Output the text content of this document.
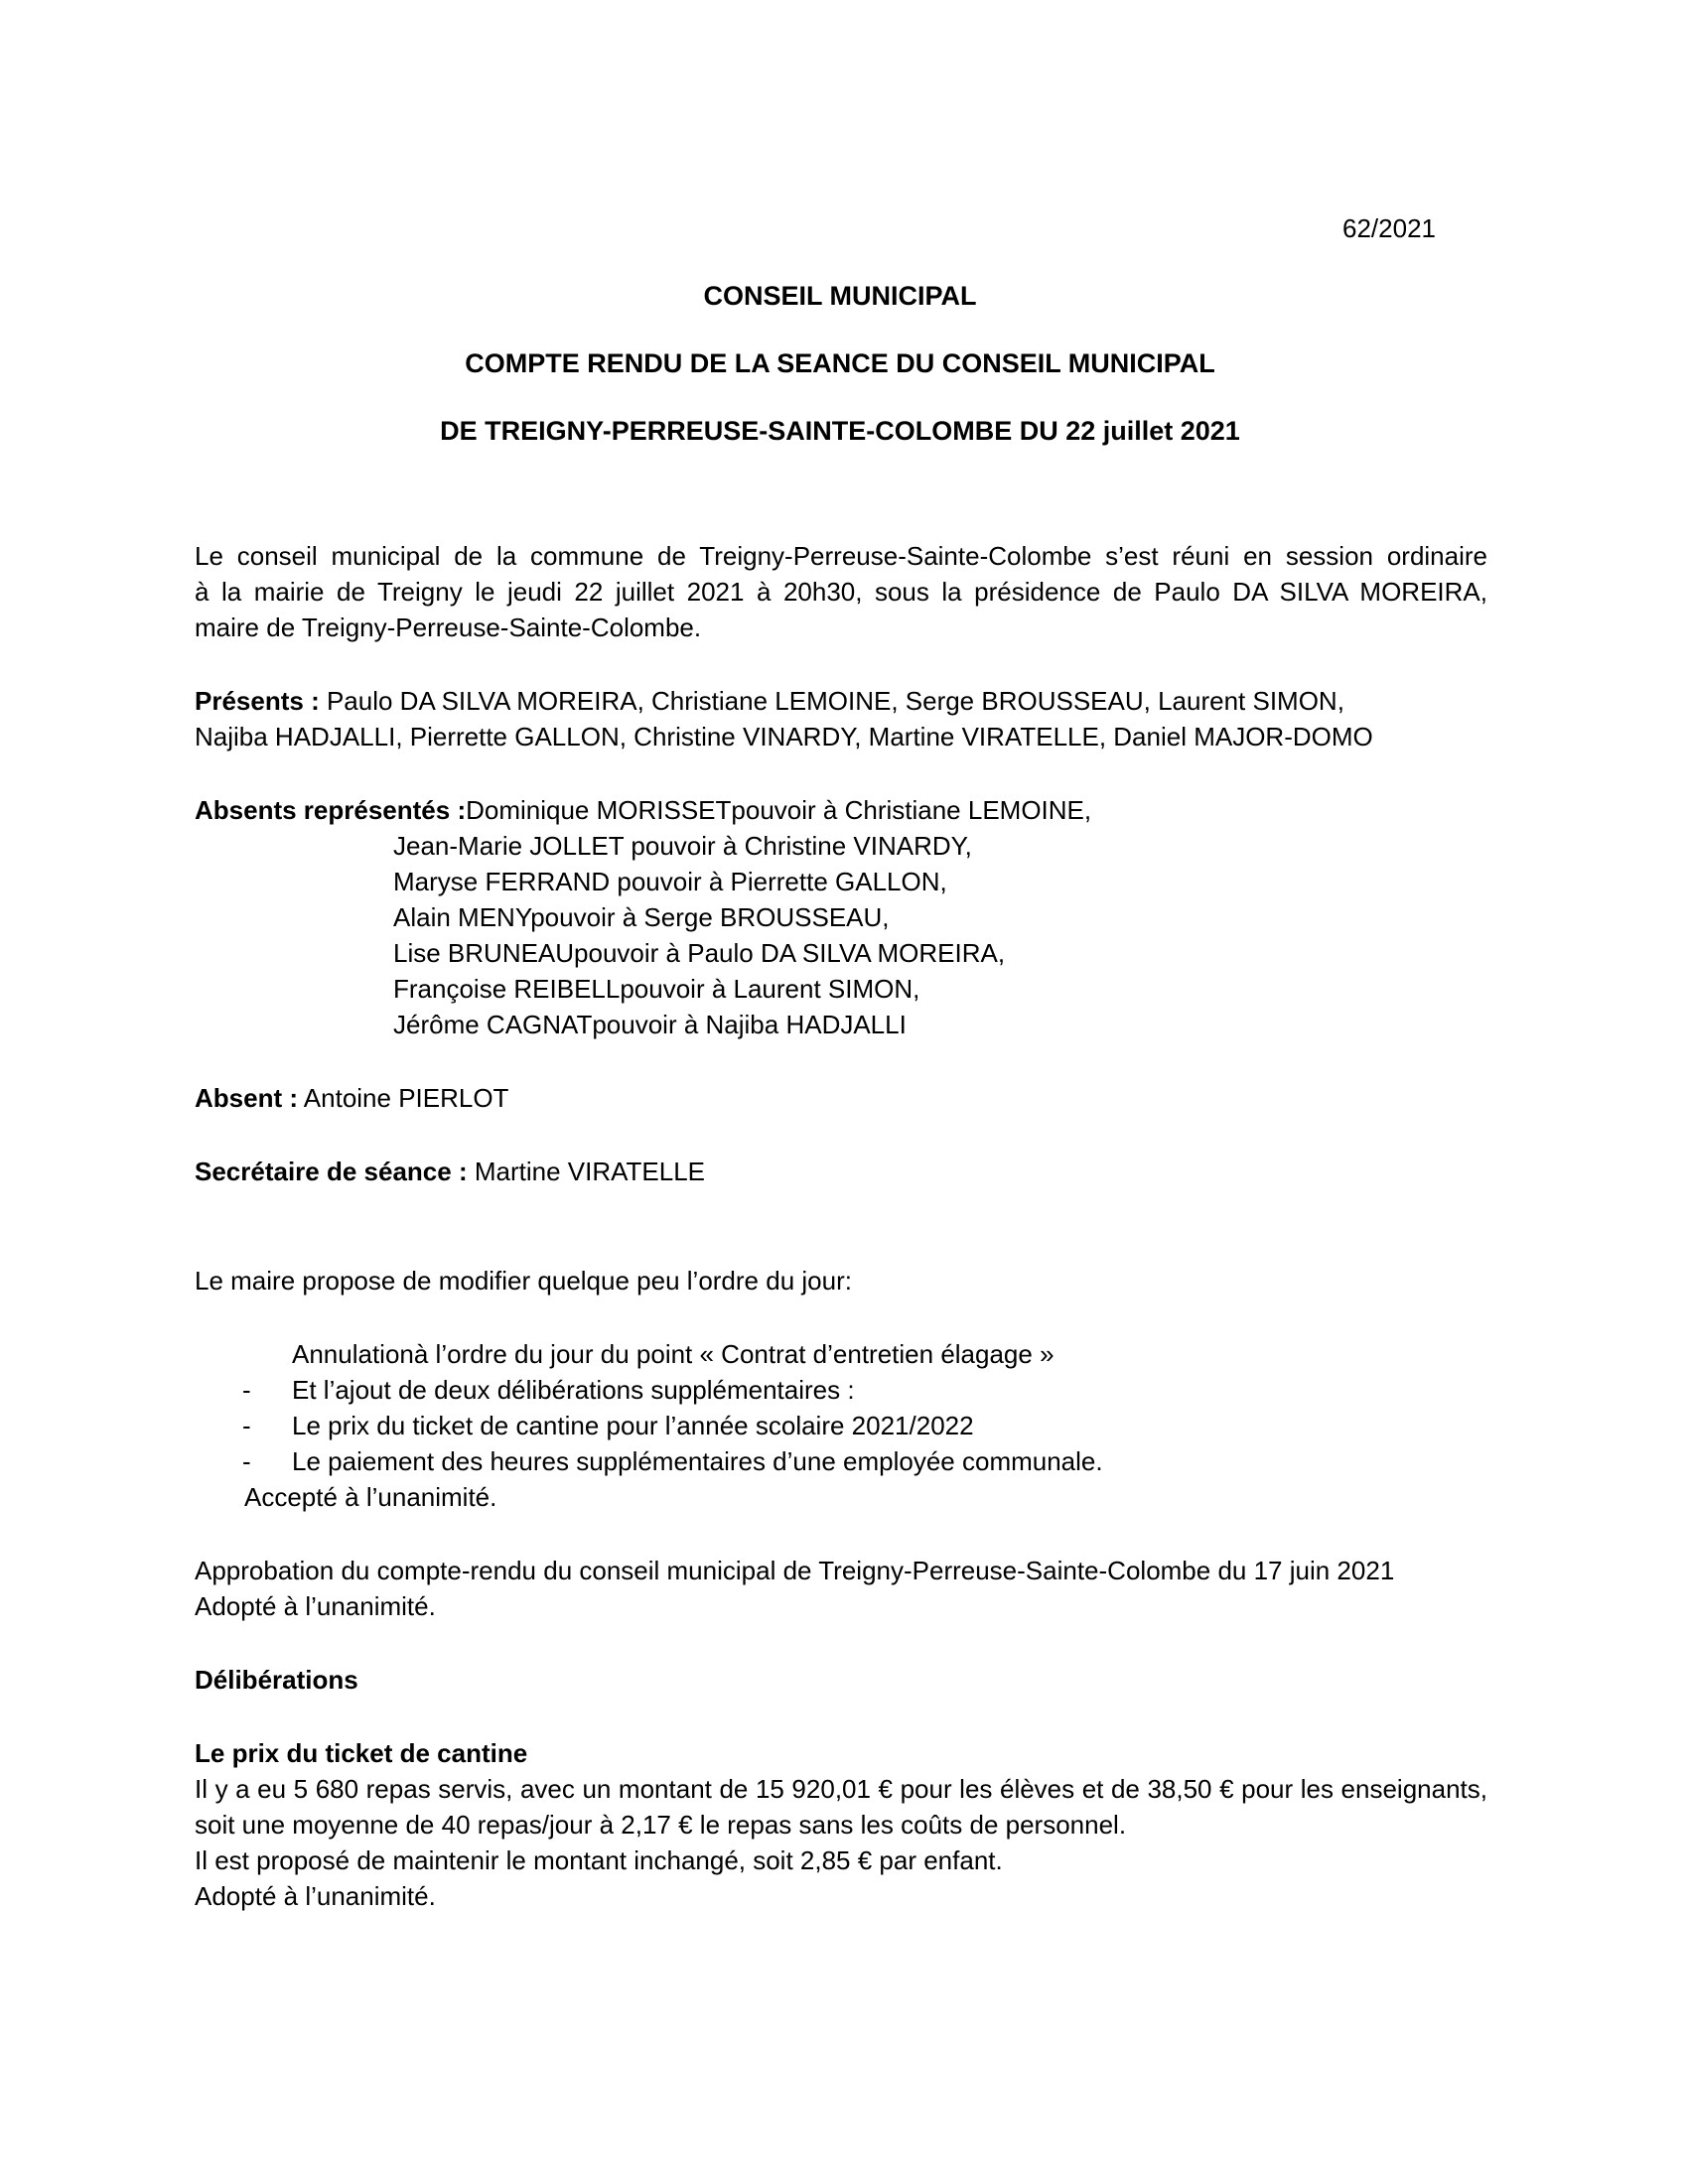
62/2021
CONSEIL MUNICIPAL
COMPTE RENDU DE LA SEANCE DU CONSEIL MUNICIPAL
DE TREIGNY-PERREUSE-SAINTE-COLOMBE DU 22 juillet 2021

Le conseil municipal de la commune de Treigny-Perreuse-Sainte-Colombe s’est réuni en session ordinaire

à la mairie de Treigny le jeudi 22 juillet 2021 à 20h30, sous la présidence de Paulo DA SILVA MOREIRA,

maire de Treigny-Perreuse-Sainte-Colombe.

Présents : Paulo DA SILVA MOREIRA, Christiane LEMOINE, Serge BROUSSEAU, Laurent SIMON,

Najiba HADJALLI, Pierrette GALLON, Christine VINARDY, Martine VIRATELLE, Daniel MAJOR-DOMO

Absents représentés :Dominique MORISSETpouvoir à Christiane LEMOINE,

Jean-Marie JOLLET pouvoir à Christine VINARDY,

Maryse FERRAND pouvoir à Pierrette GALLON,

Alain MENYpouvoir à Serge BROUSSEAU,

Lise BRUNEAUpouvoir à Paulo DA SILVA MOREIRA,

Françoise REIBELLpouvoir à Laurent SIMON,

Jérôme CAGNATpouvoir à Najiba HADJALLI

Absent : Antoine PIERLOT

Secrétaire de séance : Martine VIRATELLE

Le maire propose de modifier quelque peu l’ordre du jour:

Annulationà l’ordre du jour du point « Contrat d’entretien élagage »
-	Et l’ajout de deux délibérations supplémentaires :
-	Le prix du ticket de cantine pour l’année scolaire 2021/2022
-	Le paiement des heures supplémentaires d’une employée communale.

Accepté à l’unanimité.

Approbation du compte-rendu du conseil municipal de Treigny-Perreuse-Sainte-Colombe du 17 juin 2021

Adopté à l’unanimité.

Délibérations

Le prix du ticket de cantine

Il y a eu 5 680 repas servis, avec un montant de 15 920,01 € pour les élèves et de 38,50 € pour les enseignants, soit une moyenne de 40 repas/jour à 2,17 € le repas sans les coûts de personnel.

Il est proposé de maintenir le montant inchangé, soit 2,85 € par enfant.

Adopté à l’unanimité.
